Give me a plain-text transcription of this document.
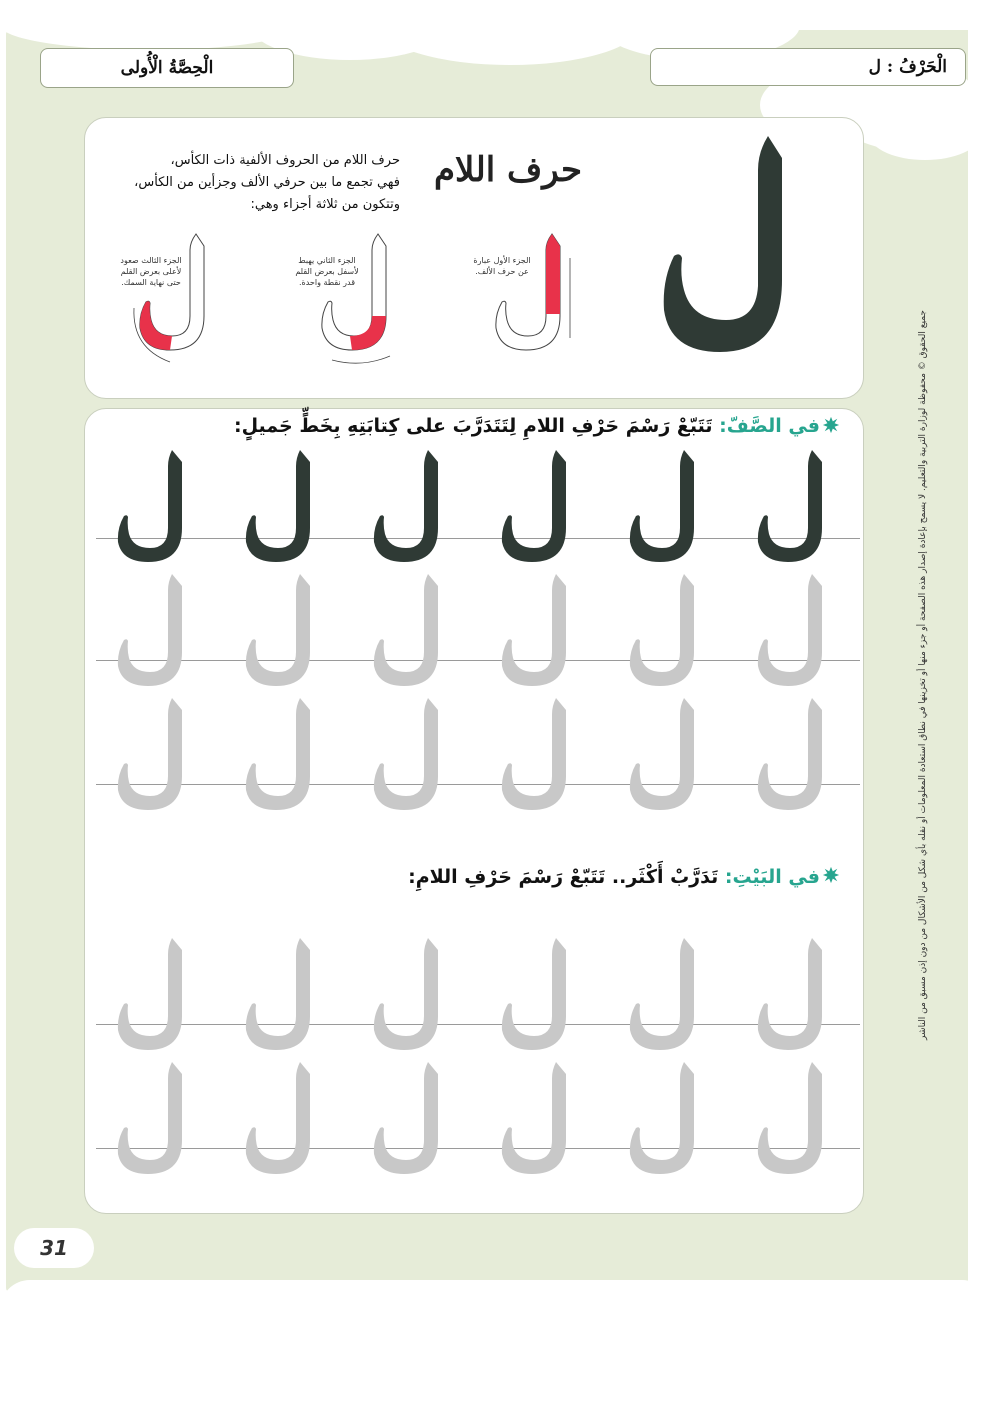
الْحِصَّةُ الْأُولى	الْحَرْفُ : ل
حرف اللام
حرف اللام من الحروف الألفية ذات الكأس،
فهي تجمع ما بين حرفي الألف وجزأين من الكأس،
وتتكون من ثلاثة أجزاء وهي:
الجزء الأول عبارة عن حرف الألف.
الجزء الثاني يهبط لأسفل بعرض القلم قدر نقطة واحدة.
الجزء الثالث صعود لأعلى بعرض القلم حتى نهاية السمك.
في الصَّفّ: تَتَبّعْ رَسْمَ حَرْفِ اللامِ لِتَتَدَرَّبَ على كِتابَتِهِ بِخَطٍّ جَميلٍ:
في البَيْتِ: تَدَرَّبْ أَكْثَر.. تَتَبّعْ رَسْمَ حَرْفِ اللامِ:	جميع الحقوق © محفوظة لوزارة التربية والتعليم. لا يسمح بإعادة إصدار هذه الصفحة أو جزء منها أو تخزينها في نطاق استعادة المعلومات أو نقله بأي شكل من الأشكال من دون إذن مسبق من الناشر
31
